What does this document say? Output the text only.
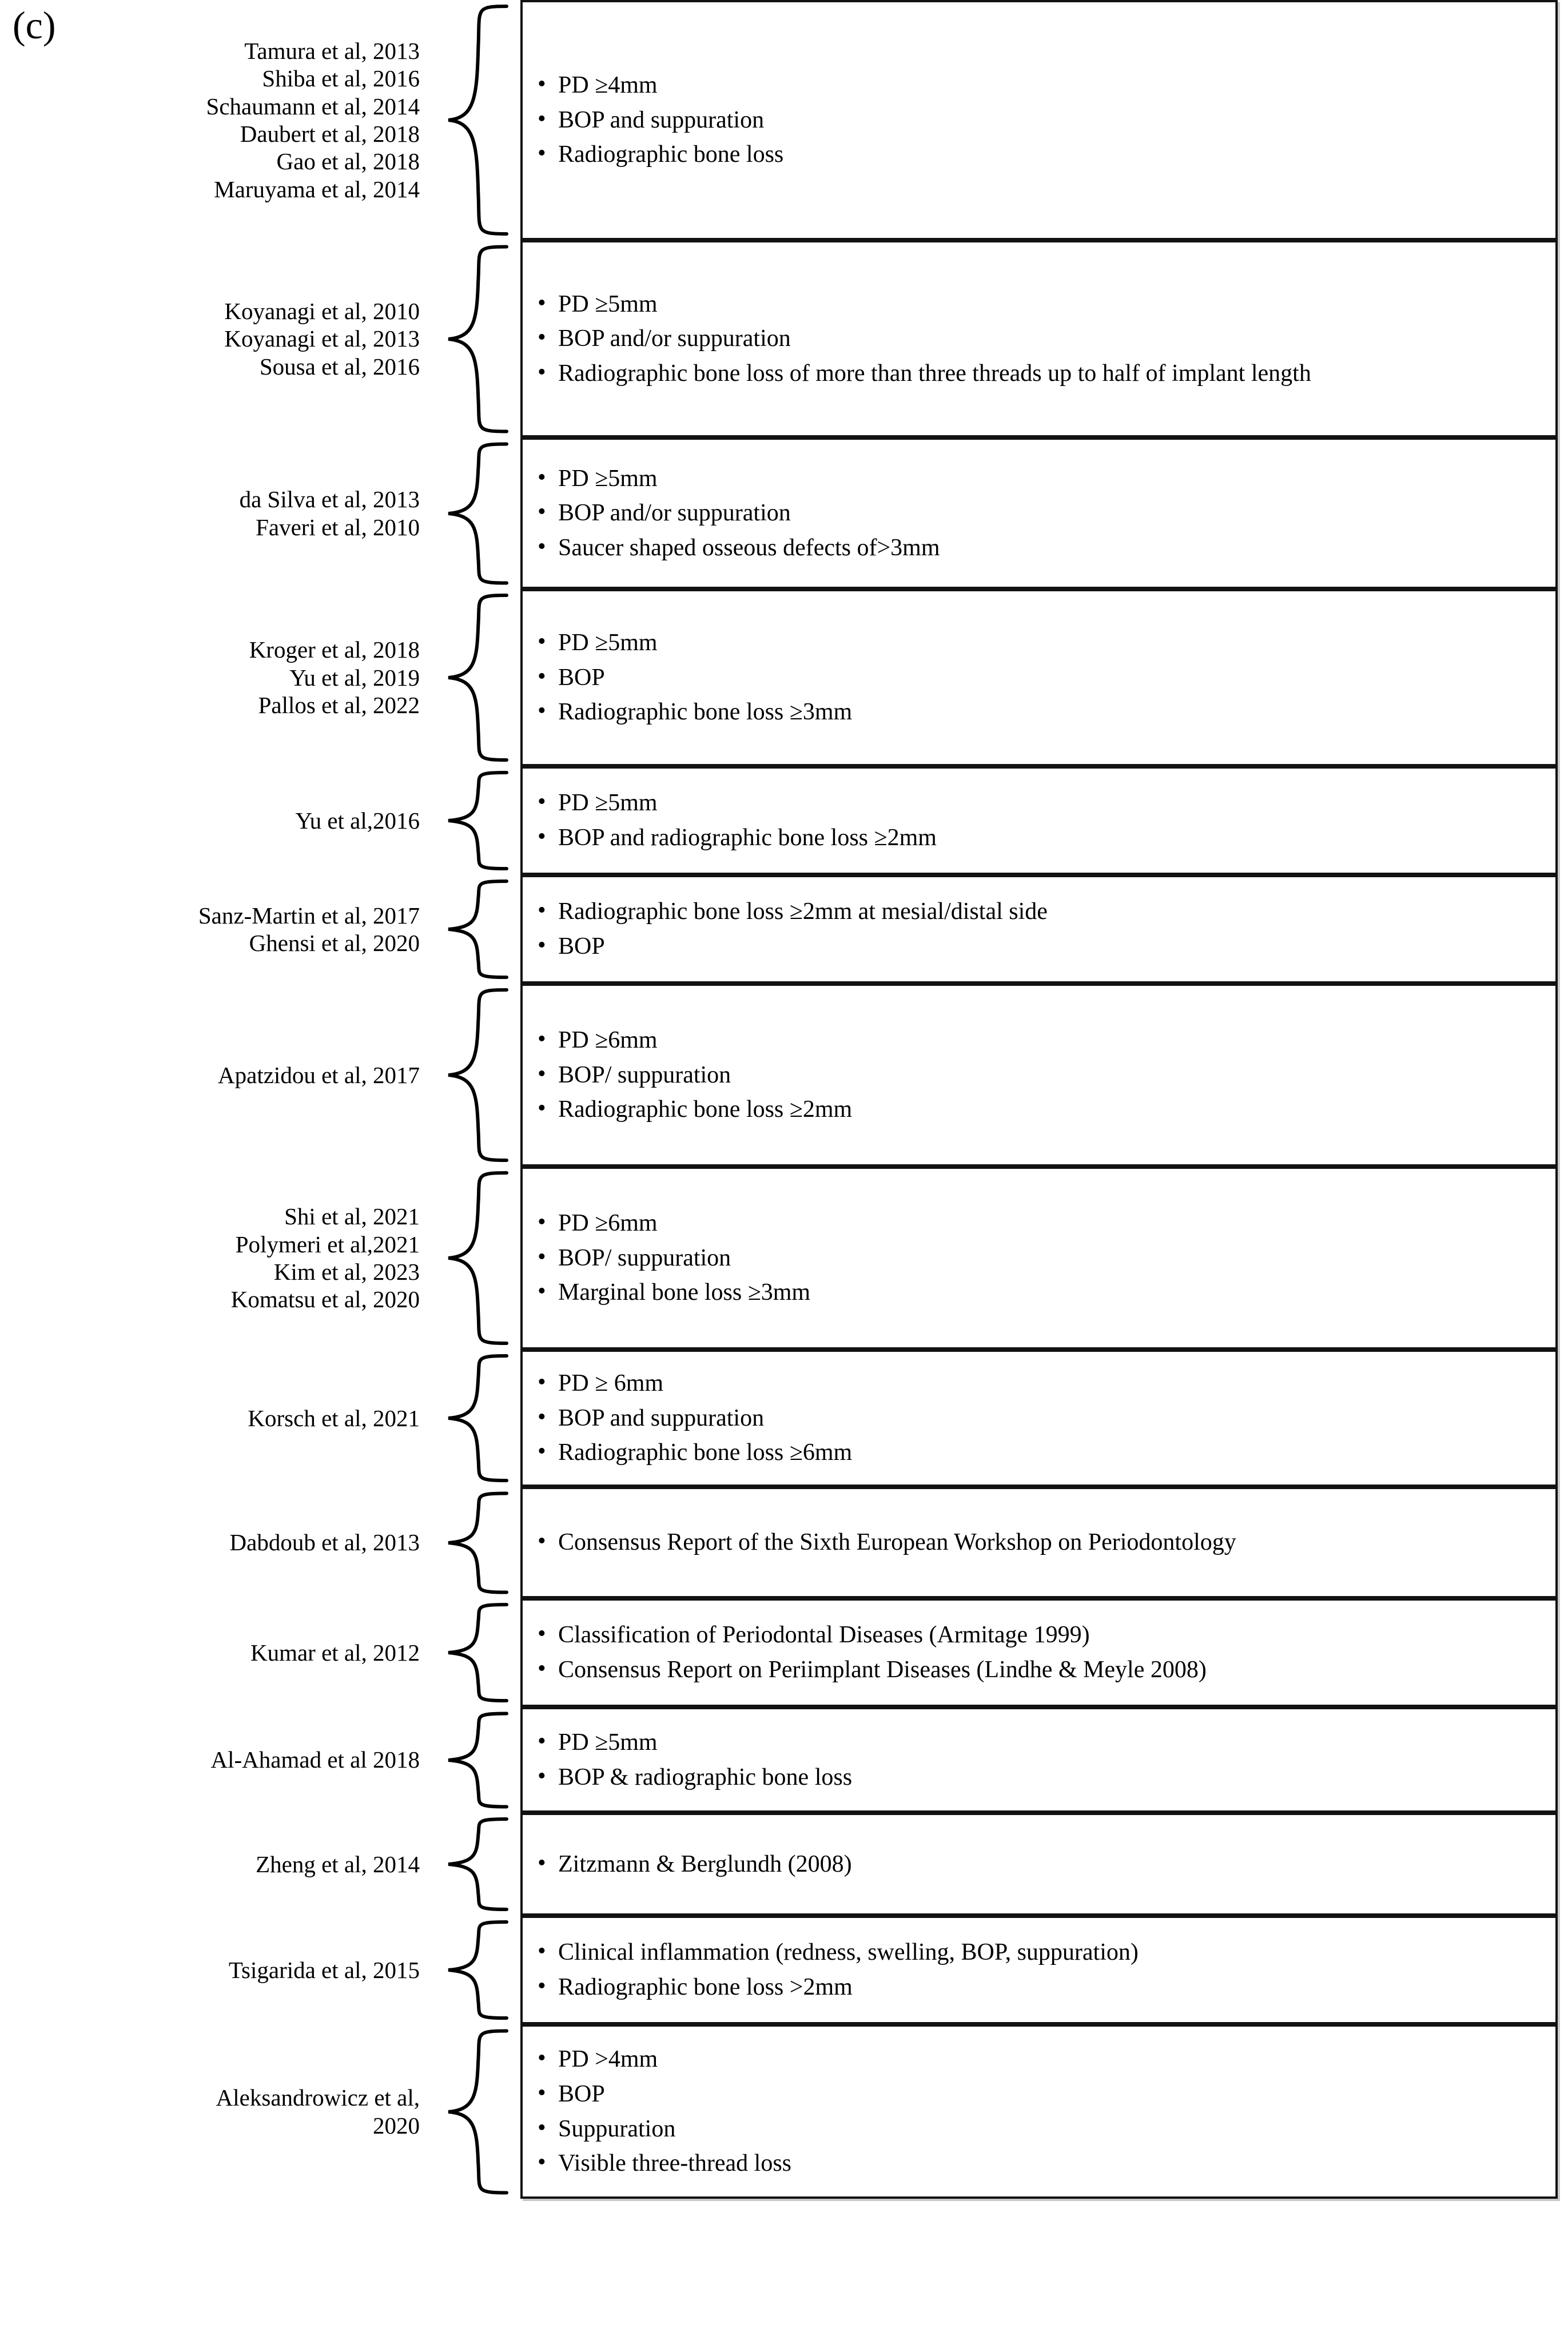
(c)
Tamura et al, 2013
Shiba et al, 2016
Schaumann et al, 2014
Daubert et al, 2018
Gao et al, 2018
Maruyama et al, 2014
• PD ≥4mm
• BOP and suppuration
• Radiographic bone loss
Koyanagi et al, 2010
Koyanagi et al, 2013
Sousa et al, 2016
• PD ≥5mm
• BOP and/or suppuration
• Radiographic bone loss of more than three threads up to half of implant length
da Silva et al, 2013
Faveri et al, 2010
• PD ≥5mm
• BOP and/or suppuration
• Saucer shaped osseous defects of>3mm
Kroger et al, 2018
Yu et al, 2019
Pallos et al, 2022
• PD ≥5mm
• BOP
• Radiographic bone loss ≥3mm
Yu et al,2016
• PD ≥5mm
• BOP and radiographic bone loss ≥2mm
Sanz-Martin et al, 2017
Ghensi et al, 2020
• Radiographic bone loss ≥2mm at mesial/distal side
• BOP
Apatzidou et al, 2017
• PD ≥6mm
• BOP/ suppuration
• Radiographic bone loss ≥2mm
Shi et al, 2021
Polymeri et al,2021
Kim et al, 2023
Komatsu et al, 2020
• PD ≥6mm
• BOP/ suppuration
• Marginal bone loss ≥3mm
Korsch et al, 2021
• PD ≥ 6mm
• BOP and suppuration
• Radiographic bone loss ≥6mm
Dabdoub et al, 2013	• Consensus Report of the Sixth European Workshop on Periodontology
Kumar et al, 2012
• Classification of Periodontal Diseases (Armitage 1999)
• Consensus Report on Periimplant Diseases (Lindhe & Meyle 2008)
Al-Ahamad et al 2018
• PD ≥5mm
• BOP & radiographic bone loss
Zheng et al, 2014	• Zitzmann & Berglundh (2008)
Tsigarida et al, 2015
• Clinical inflammation (redness, swelling, BOP, suppuration)
• Radiographic bone loss >2mm
Aleksandrowicz et al,
2020
• PD >4mm
• BOP
• Suppuration
• Visible three-thread loss
